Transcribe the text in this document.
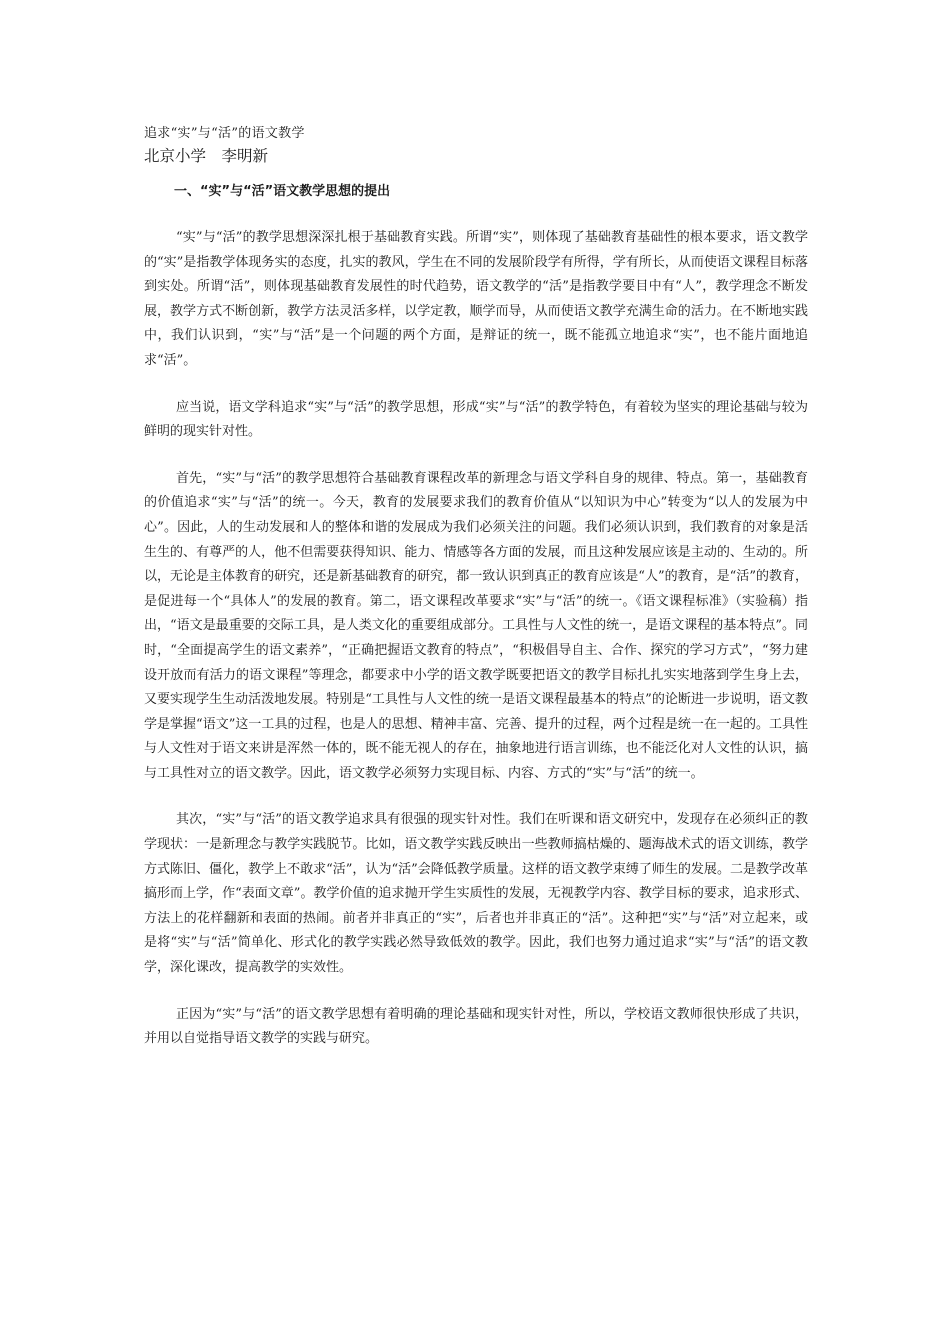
追求“实”与“活”的语文教学

北京小学　李明新

一、“实”与“活”语文教学思想的提出

“实”与“活”的教学思想深深扎根于基础教育实践。所谓“实”，则体现了基础教育基础性的根本要求，语文教学的“实”是指教学体现务实的态度，扎实的教风，学生在不同的发展阶段学有所得，学有所长，从而使语文课程目标落到实处。所谓“活”，则体现基础教育发展性的时代趋势，语文教学的“活”是指教学要目中有“人”，教学理念不断发展，教学方式不断创新，教学方法灵活多样，以学定教，顺学而导，从而使语文教学充满生命的活力。在不断地实践中，我们认识到，“实”与“活”是一个问题的两个方面，是辩证的统一，既不能孤立地追求“实”，也不能片面地追求“活”。

应当说，语文学科追求“实”与“活”的教学思想，形成“实”与“活”的教学特色，有着较为坚实的理论基础与较为鲜明的现实针对性。

首先，“实”与“活”的教学思想符合基础教育课程改革的新理念与语文学科自身的规律、特点。第一，基础教育的价值追求“实”与“活”的统一。今天，教育的发展要求我们的教育价值从“以知识为中心”转变为“以人的发展为中心”。因此，人的生动发展和人的整体和谐的发展成为我们必须关注的问题。我们必须认识到，我们教育的对象是活生生的、有尊严的人，他不但需要获得知识、能力、情感等各方面的发展，而且这种发展应该是主动的、生动的。所以，无论是主体教育的研究，还是新基础教育的研究，都一致认识到真正的教育应该是“人”的教育，是“活”的教育，是促进每一个“具体人”的发展的教育。第二，语文课程改革要求“实”与“活”的统一。《语文课程标准》（实验稿）指出，“语文是最重要的交际工具，是人类文化的重要组成部分。工具性与人文性的统一，是语文课程的基本特点”。同时，“全面提高学生的语文素养”，“正确把握语文教育的特点”，“积极倡导自主、合作、探究的学习方式”，“努力建设开放而有活力的语文课程”等理念，都要求中小学的语文教学既要把语文的教学目标扎扎实实地落到学生身上去，又要实现学生生动活泼地发展。特别是“工具性与人文性的统一是语文课程最基本的特点”的论断进一步说明，语文教学是掌握“语文”这一工具的过程，也是人的思想、精神丰富、完善、提升的过程，两个过程是统一在一起的。工具性与人文性对于语文来讲是浑然一体的，既不能无视人的存在，抽象地进行语言训练，也不能泛化对人文性的认识，搞与工具性对立的语文教学。因此，语文教学必须努力实现目标、内容、方式的“实”与“活”的统一。

其次，“实”与“活”的语文教学追求具有很强的现实针对性。我们在听课和语文研究中，发现存在必须纠正的教学现状：一是新理念与教学实践脱节。比如，语文教学实践反映出一些教师搞枯燥的、题海战术式的语文训练，教学方式陈旧、僵化，教学上不敢求“活”，认为“活”会降低教学质量。这样的语文教学束缚了师生的发展。二是教学改革搞形而上学，作“表面文章”。教学价值的追求抛开学生实质性的发展，无视教学内容、教学目标的要求，追求形式、方法上的花样翻新和表面的热闹。前者并非真正的“实”，后者也并非真正的“活”。这种把“实”与“活”对立起来，或是将“实”与“活”简单化、形式化的教学实践必然导致低效的教学。因此，我们也努力通过追求“实”与“活”的语文教学，深化课改，提高教学的实效性。

正因为“实”与“活”的语文教学思想有着明确的理论基础和现实针对性，所以，学校语文教师很快形成了共识，并用以自觉指导语文教学的实践与研究。
